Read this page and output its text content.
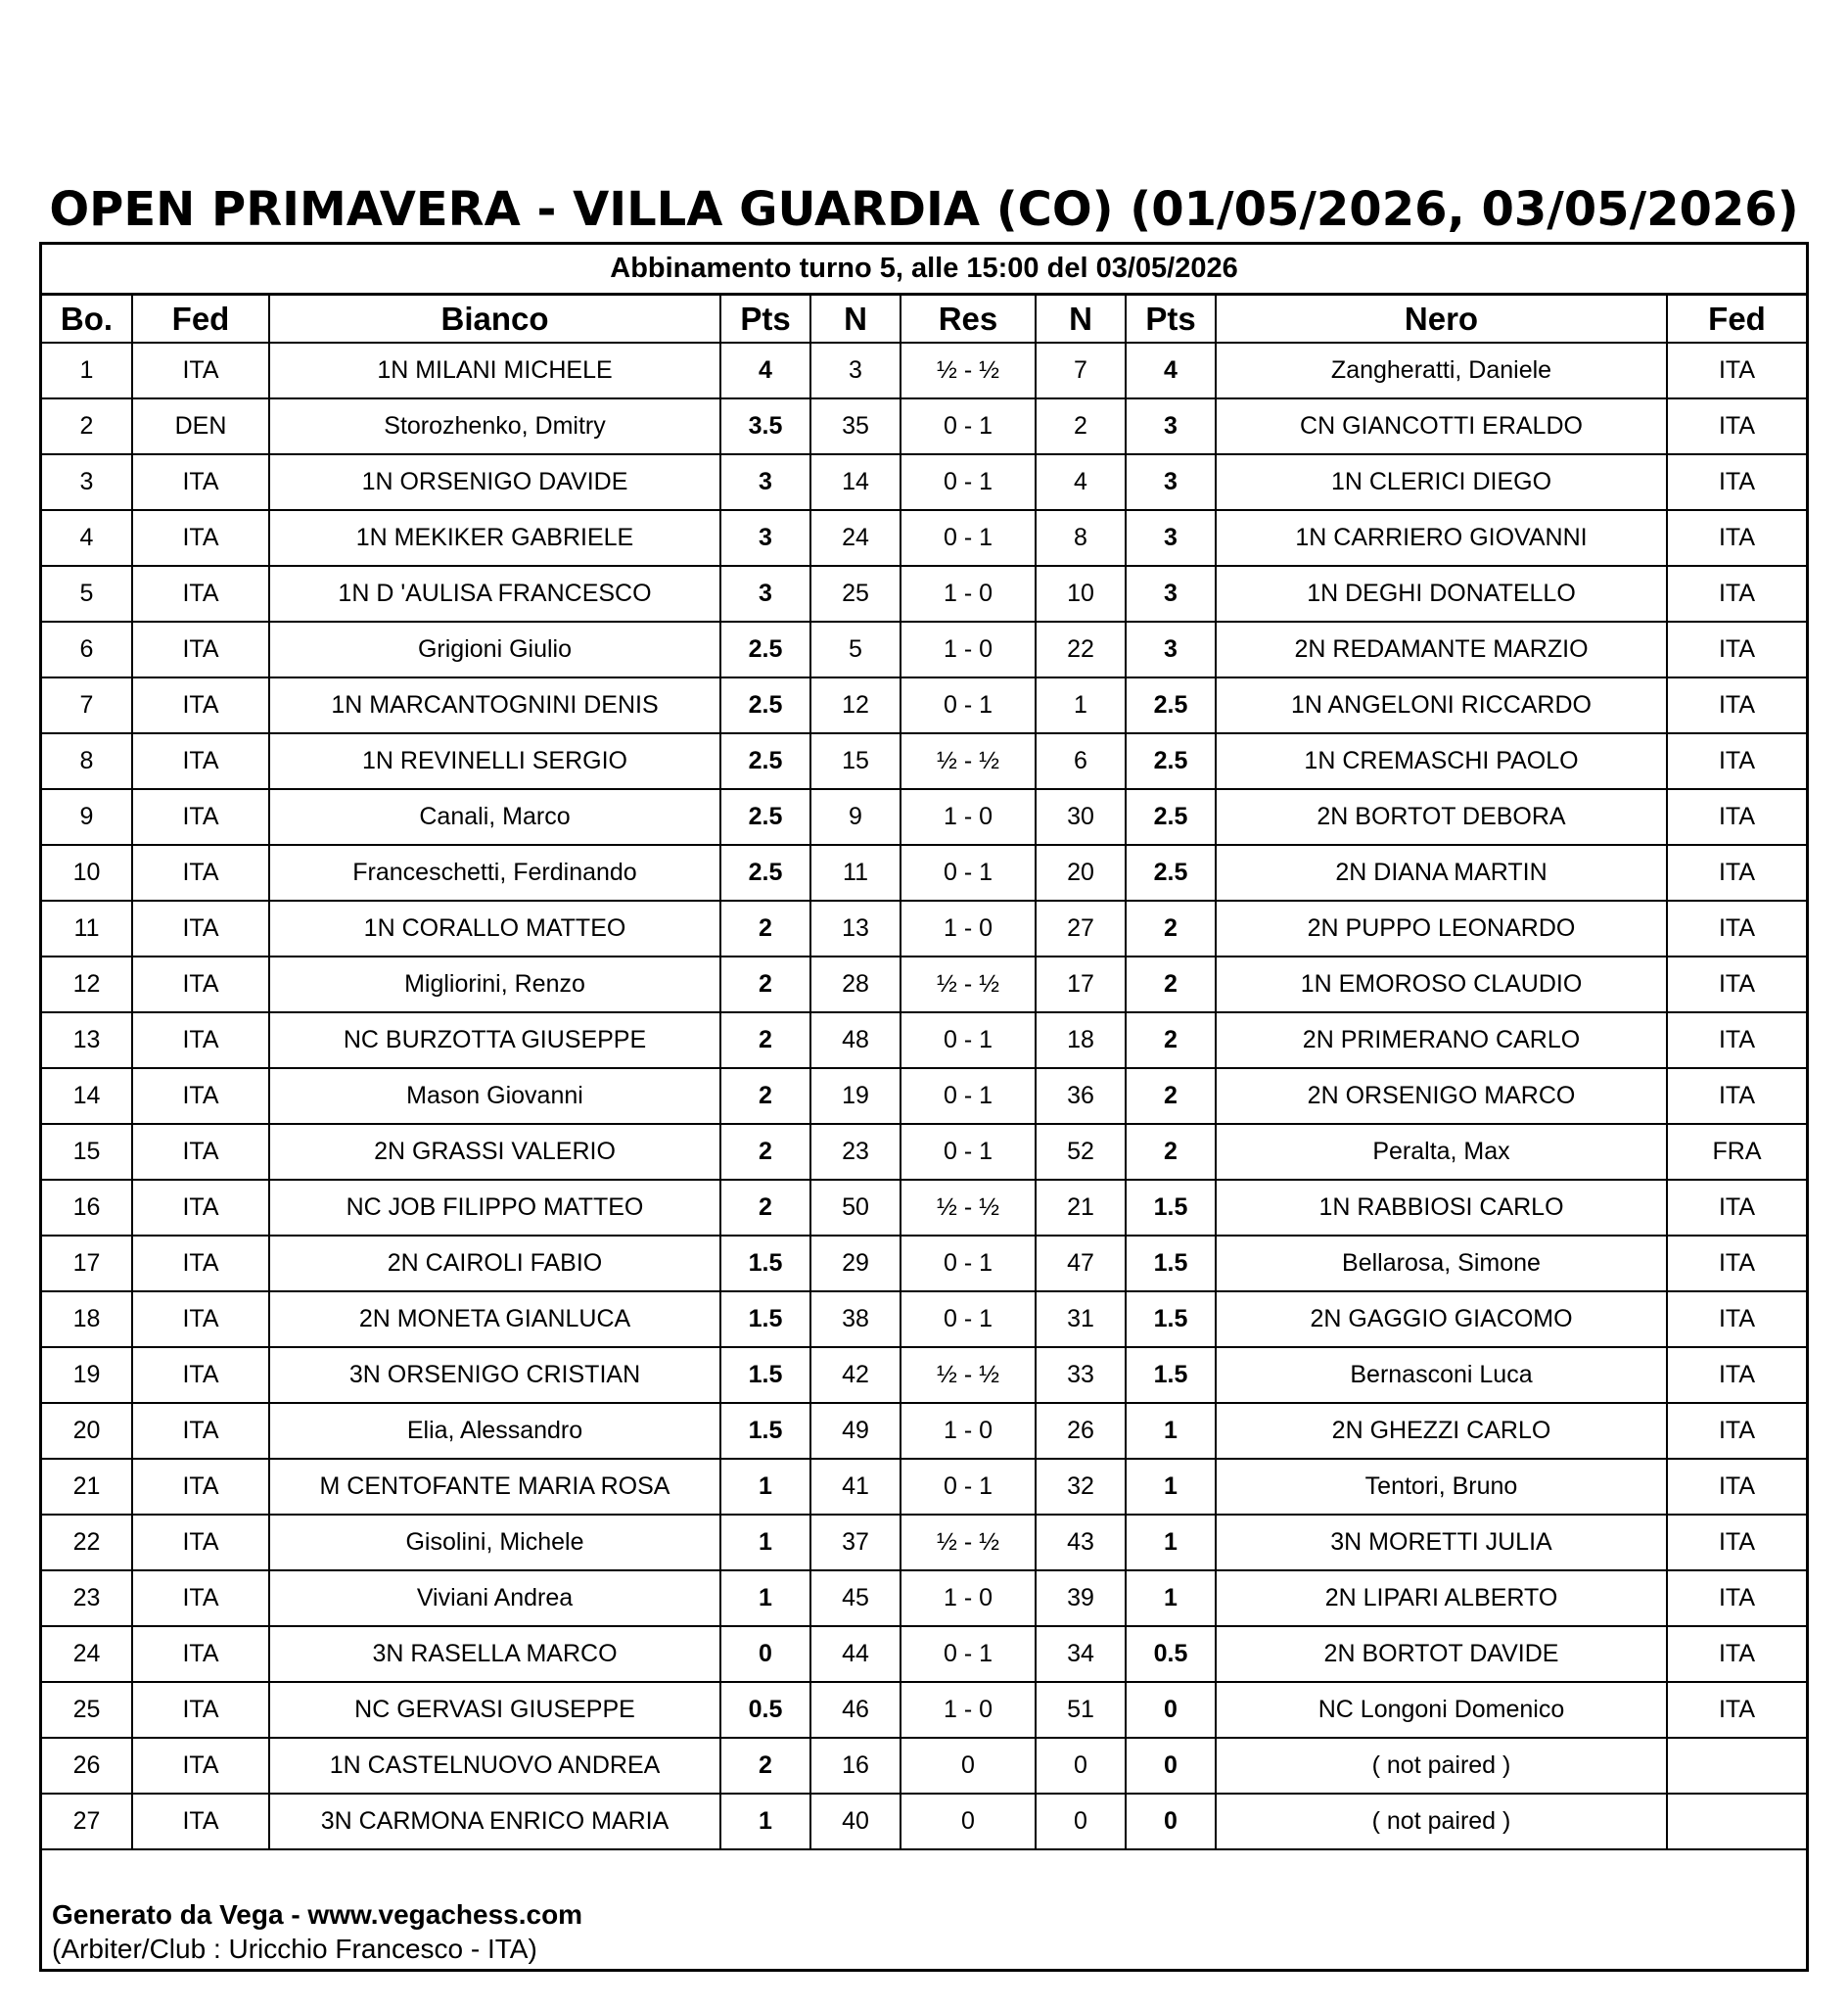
OPEN PRIMAVERA - VILLA GUARDIA (CO) (01/05/2026, 03/05/2026)
Abbinamento turno 5, alle 15:00 del 03/05/2026
Bo.	Fed	Bianco	Pts	N	Res	N	Pts	Nero	Fed
1	ITA	1N MILANI MICHELE	4	3	½ - ½	7	4	Zangheratti, Daniele	ITA
2	DEN	Storozhenko, Dmitry	3.5	35	0 - 1	2	3	CN GIANCOTTI ERALDO	ITA
3	ITA	1N ORSENIGO DAVIDE	3	14	0 - 1	4	3	1N CLERICI DIEGO	ITA
4	ITA	1N MEKIKER GABRIELE	3	24	0 - 1	8	3	1N CARRIERO GIOVANNI	ITA
5	ITA	1N D 'AULISA FRANCESCO	3	25	1 - 0	10	3	1N DEGHI DONATELLO	ITA
6	ITA	Grigioni Giulio	2.5	5	1 - 0	22	3	2N REDAMANTE MARZIO	ITA
7	ITA	1N MARCANTOGNINI DENIS	2.5	12	0 - 1	1	2.5	1N ANGELONI RICCARDO	ITA
8	ITA	1N REVINELLI SERGIO	2.5	15	½ - ½	6	2.5	1N CREMASCHI PAOLO	ITA
9	ITA	Canali, Marco	2.5	9	1 - 0	30	2.5	2N BORTOT DEBORA	ITA
10	ITA	Franceschetti, Ferdinando	2.5	11	0 - 1	20	2.5	2N DIANA MARTIN	ITA
11	ITA	1N CORALLO MATTEO	2	13	1 - 0	27	2	2N PUPPO LEONARDO	ITA
12	ITA	Migliorini, Renzo	2	28	½ - ½	17	2	1N EMOROSO CLAUDIO	ITA
13	ITA	NC BURZOTTA GIUSEPPE	2	48	0 - 1	18	2	2N PRIMERANO CARLO	ITA
14	ITA	Mason Giovanni	2	19	0 - 1	36	2	2N ORSENIGO MARCO	ITA
15	ITA	2N GRASSI VALERIO	2	23	0 - 1	52	2	Peralta, Max	FRA
16	ITA	NC JOB FILIPPO MATTEO	2	50	½ - ½	21	1.5	1N RABBIOSI CARLO	ITA
17	ITA	2N CAIROLI FABIO	1.5	29	0 - 1	47	1.5	Bellarosa, Simone	ITA
18	ITA	2N MONETA GIANLUCA	1.5	38	0 - 1	31	1.5	2N GAGGIO GIACOMO	ITA
19	ITA	3N ORSENIGO CRISTIAN	1.5	42	½ - ½	33	1.5	Bernasconi Luca	ITA
20	ITA	Elia, Alessandro	1.5	49	1 - 0	26	1	2N GHEZZI CARLO	ITA
21	ITA	M CENTOFANTE MARIA ROSA	1	41	0 - 1	32	1	Tentori, Bruno	ITA
22	ITA	Gisolini, Michele	1	37	½ - ½	43	1	3N MORETTI JULIA	ITA
23	ITA	Viviani Andrea	1	45	1 - 0	39	1	2N LIPARI ALBERTO	ITA
24	ITA	3N RASELLA MARCO	0	44	0 - 1	34	0.5	2N BORTOT DAVIDE	ITA
25	ITA	NC GERVASI GIUSEPPE	0.5	46	1 - 0	51	0	NC Longoni Domenico	ITA
26	ITA	1N CASTELNUOVO ANDREA	2	16	0	0	0	( not paired )	
27	ITA	3N CARMONA ENRICO MARIA	1	40	0	0	0	( not paired )	
Generato da Vega - www.vegachess.com
(Arbiter/Club : Uricchio Francesco - ITA)
